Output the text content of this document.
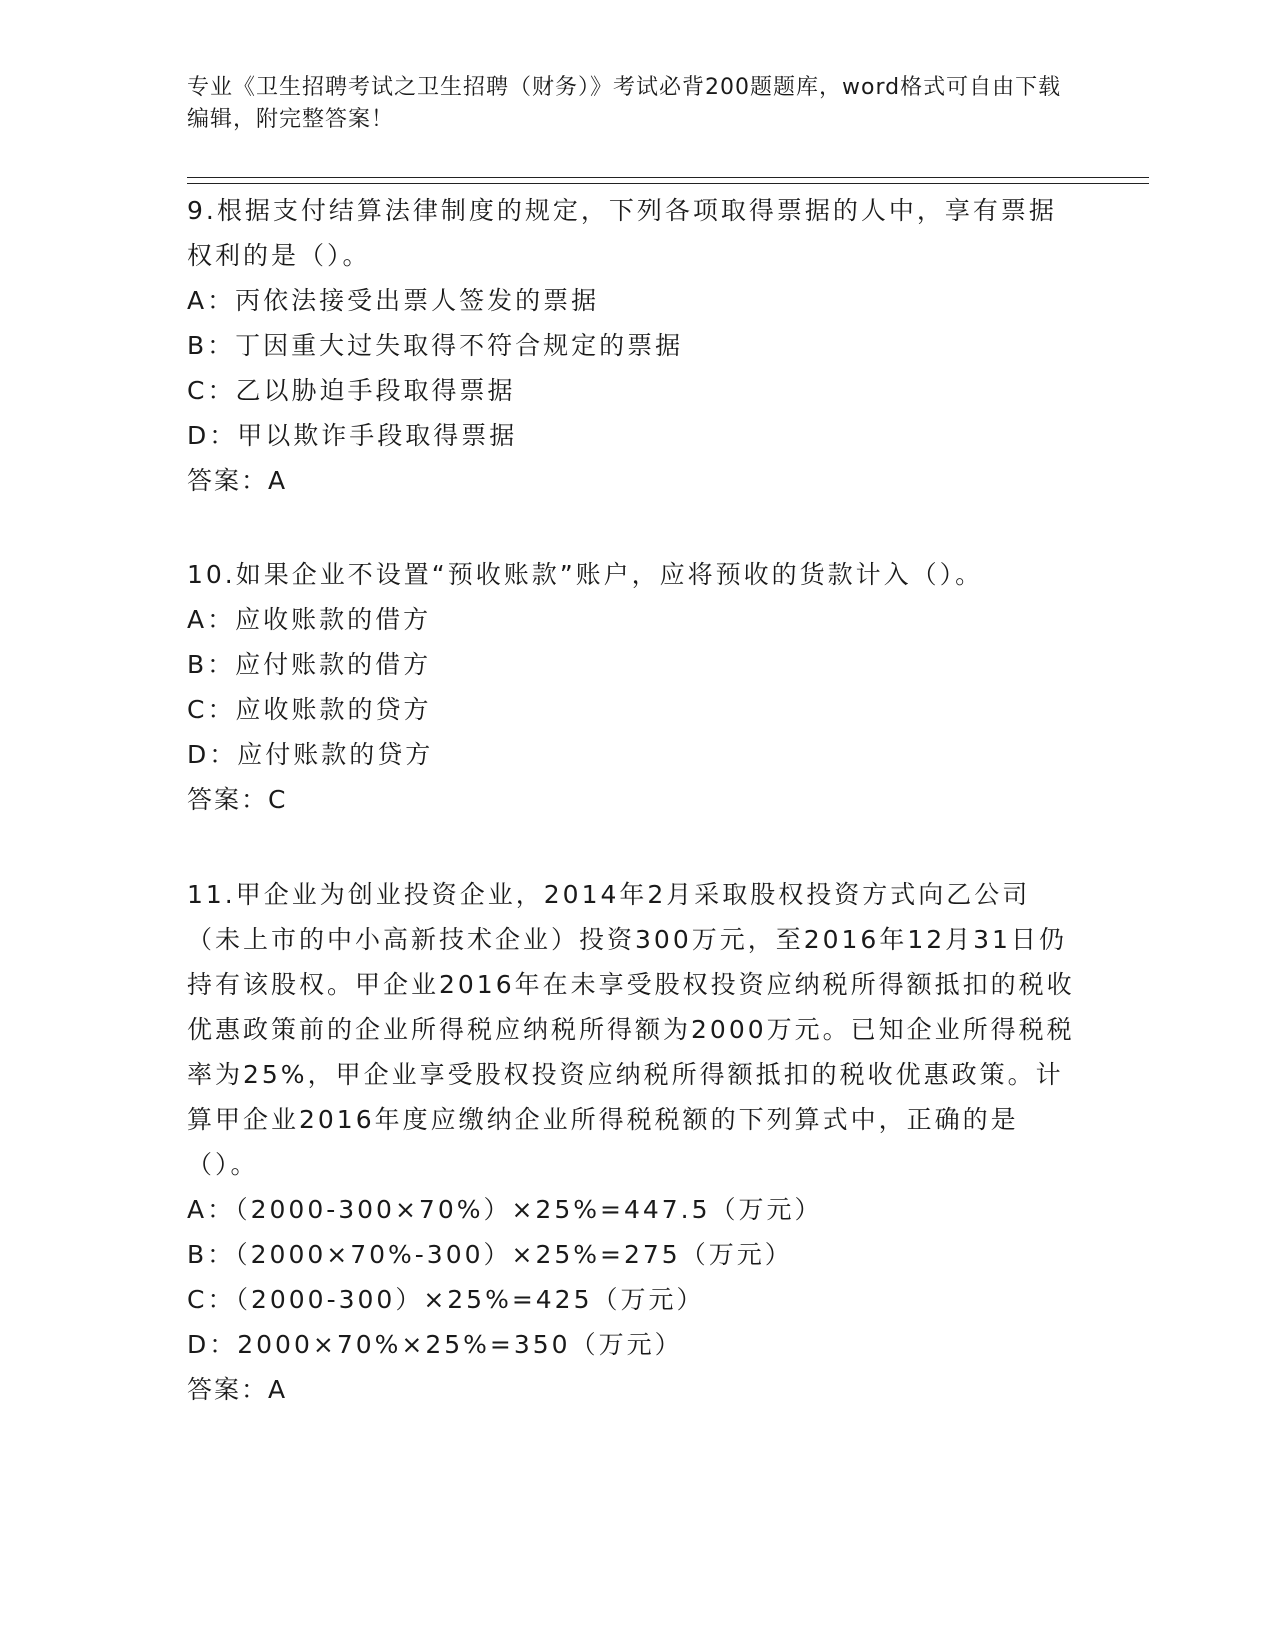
专业《卫生招聘考试之卫生招聘（财务）》考试必背200题题库，word格式可自由下载编辑，附完整答案！
9.根据支付结算法律制度的规定，下列各项取得票据的人中，享有票据权利的是（）。
A：丙依法接受出票人签发的票据
B：丁因重大过失取得不符合规定的票据
C：乙以胁迫手段取得票据
D：甲以欺诈手段取得票据
答案：A
10.如果企业不设置“预收账款”账户，应将预收的货款计入（）。
A：应收账款的借方
B：应付账款的借方
C：应收账款的贷方
D：应付账款的贷方
答案：C
11.甲企业为创业投资企业，2014年2月采取股权投资方式向乙公司（未上市的中小高新技术企业）投资300万元，至2016年12月31日仍持有该股权。甲企业2016年在未享受股权投资应纳税所得额抵扣的税收优惠政策前的企业所得税应纳税所得额为2000万元。已知企业所得税税率为25%，甲企业享受股权投资应纳税所得额抵扣的税收优惠政策。计算甲企业2016年度应缴纳企业所得税税额的下列算式中，正确的是（）。
A：（2000-300×70%）×25%=447.5（万元）
B：（2000×70%-300）×25%=275（万元）
C：（2000-300）×25%=425（万元）
D：2000×70%×25%=350（万元）
答案：A
